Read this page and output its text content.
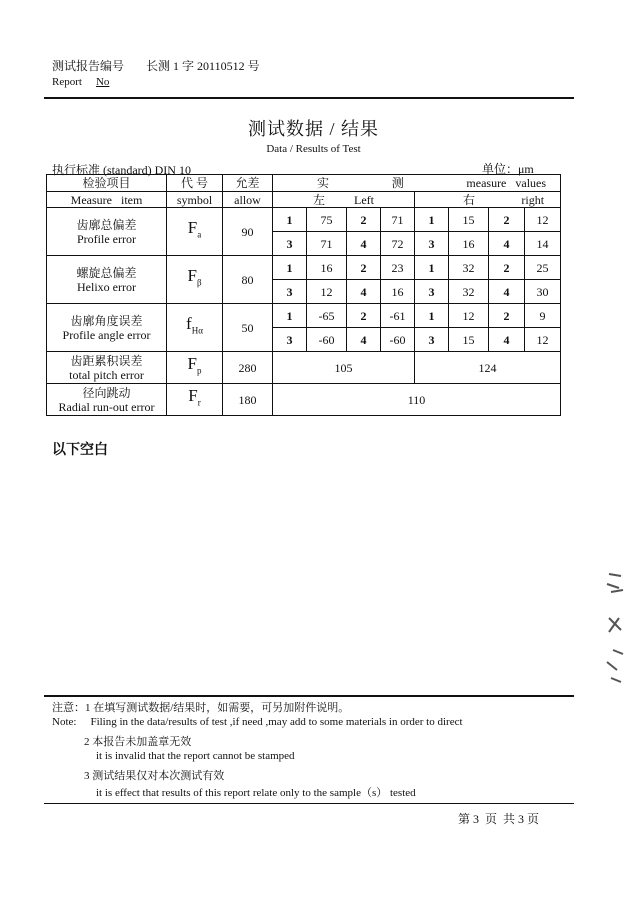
测试报告编号 长测 1 字 20110512 号
Report No
测试数据 / 结果
Data / Results of Test
执行标准 (standard) DIN 10	单位：μm
检验项目	代 号	允差	实 测 measure   values							

Measure   item	symbol	allow	左 Left				右 right			

齿廓总偏差
Profile error	$F_a$	90	1	75	2	71	1	15	2	12
			3	71	4	72	3	16	4	14

螺旋总偏差
Helixo error	$F_\beta$	80	1	16	2	23	1	32	2	25
			3	12	4	16	3	32	4	30

齿廓角度误差
Profile angle error	$f_{H\alpha}$	50	1	-65	2	-61	1	12	2	9
			3	-60	4	-60	3	15	4	12

齿距累积误差
total pitch error	$F_p$	280	105				124			

径向跳动
Radial run-out error	$F_r$	180	110							
以下空白
注意：1 在填写测试数据/结果时，如需要，可另加附件说明。
Note: Filing in the data/results of test ,if need ,may add to some materials in order to direct
2 本报告未加盖章无效
it is invalid that the report cannot be stamped
3 测试结果仅对本次测试有效
it is effect that results of this report relate only to the sample（s） tested
第 3  页  共 3 页
